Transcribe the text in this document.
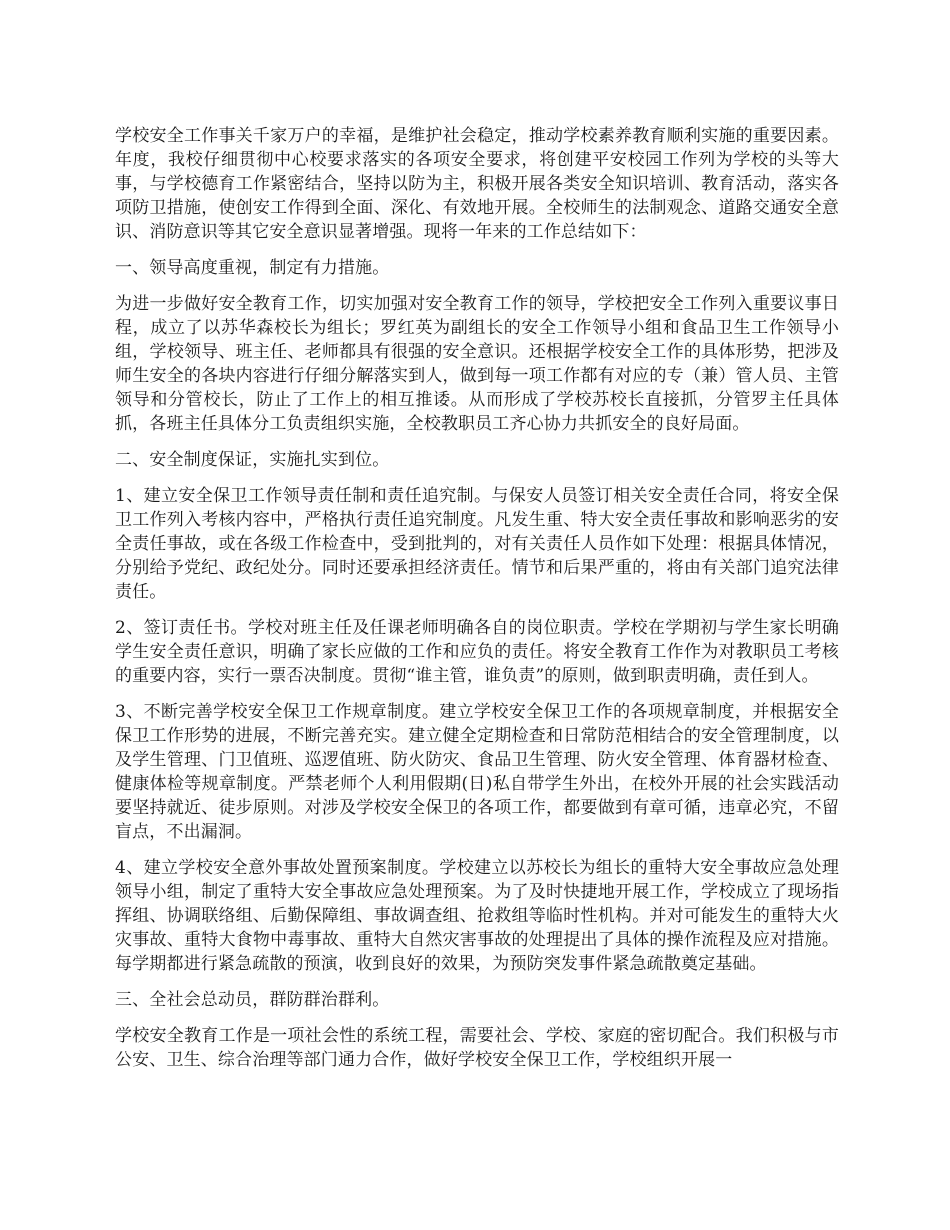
学校安全工作事关千家万户的幸福，是维护社会稳定，推动学校素养教育顺利实施的重要因素。年度，我校仔细贯彻中心校要求落实的各项安全要求，将创建平安校园工作列为学校的头等大事，与学校德育工作紧密结合，坚持以防为主，积极开展各类安全知识培训、教育活动，落实各项防卫措施，使创安工作得到全面、深化、有效地开展。全校师生的法制观念、道路交通安全意识、消防意识等其它安全意识显著增强。现将一年来的工作总结如下：

一、领导高度重视，制定有力措施。

为进一步做好安全教育工作，切实加强对安全教育工作的领导，学校把安全工作列入重要议事日程，成立了以苏华森校长为组长；罗红英为副组长的安全工作领导小组和食品卫生工作领导小组，学校领导、班主任、老师都具有很强的安全意识。还根据学校安全工作的具体形势，把涉及师生安全的各块内容进行仔细分解落实到人，做到每一项工作都有对应的专（兼）管人员、主管领导和分管校长，防止了工作上的相互推诿。从而形成了学校苏校长直接抓，分管罗主任具体抓，各班主任具体分工负责组织实施，全校教职员工齐心协力共抓安全的良好局面。

二、安全制度保证，实施扎实到位。

1、建立安全保卫工作领导责任制和责任追究制。与保安人员签订相关安全责任合同，将安全保卫工作列入考核内容中，严格执行责任追究制度。凡发生重、特大安全责任事故和影响恶劣的安全责任事故，或在各级工作检查中，受到批判的，对有关责任人员作如下处理：根据具体情况，分别给予党纪、政纪处分。同时还要承担经济责任。情节和后果严重的，将由有关部门追究法律责任。

2、签订责任书。学校对班主任及任课老师明确各自的岗位职责。学校在学期初与学生家长明确学生安全责任意识，明确了家长应做的工作和应负的责任。将安全教育工作作为对教职员工考核的重要内容，实行一票否决制度。贯彻“谁主管，谁负责”的原则，做到职责明确，责任到人。

3、不断完善学校安全保卫工作规章制度。建立学校安全保卫工作的各项规章制度，并根据安全保卫工作形势的进展，不断完善充实。建立健全定期检查和日常防范相结合的安全管理制度，以及学生管理、门卫值班、巡逻值班、防火防灾、食品卫生管理、防火安全管理、体育器材检查、健康体检等规章制度。严禁老师个人利用假期(日)私自带学生外出，在校外开展的社会实践活动要坚持就近、徒步原则。对涉及学校安全保卫的各项工作，都要做到有章可循，违章必究，不留盲点，不出漏洞。

4、建立学校安全意外事故处置预案制度。学校建立以苏校长为组长的重特大安全事故应急处理领导小组，制定了重特大安全事故应急处理预案。为了及时快捷地开展工作，学校成立了现场指挥组、协调联络组、后勤保障组、事故调查组、抢救组等临时性机构。并对可能发生的重特大火灾事故、重特大食物中毒事故、重特大自然灾害事故的处理提出了具体的操作流程及应对措施。每学期都进行紧急疏散的预演，收到良好的效果，为预防突发事件紧急疏散奠定基础。

三、全社会总动员，群防群治群利。

学校安全教育工作是一项社会性的系统工程，需要社会、学校、家庭的密切配合。我们积极与市公安、卫生、综合治理等部门通力合作，做好学校安全保卫工作，学校组织开展一
